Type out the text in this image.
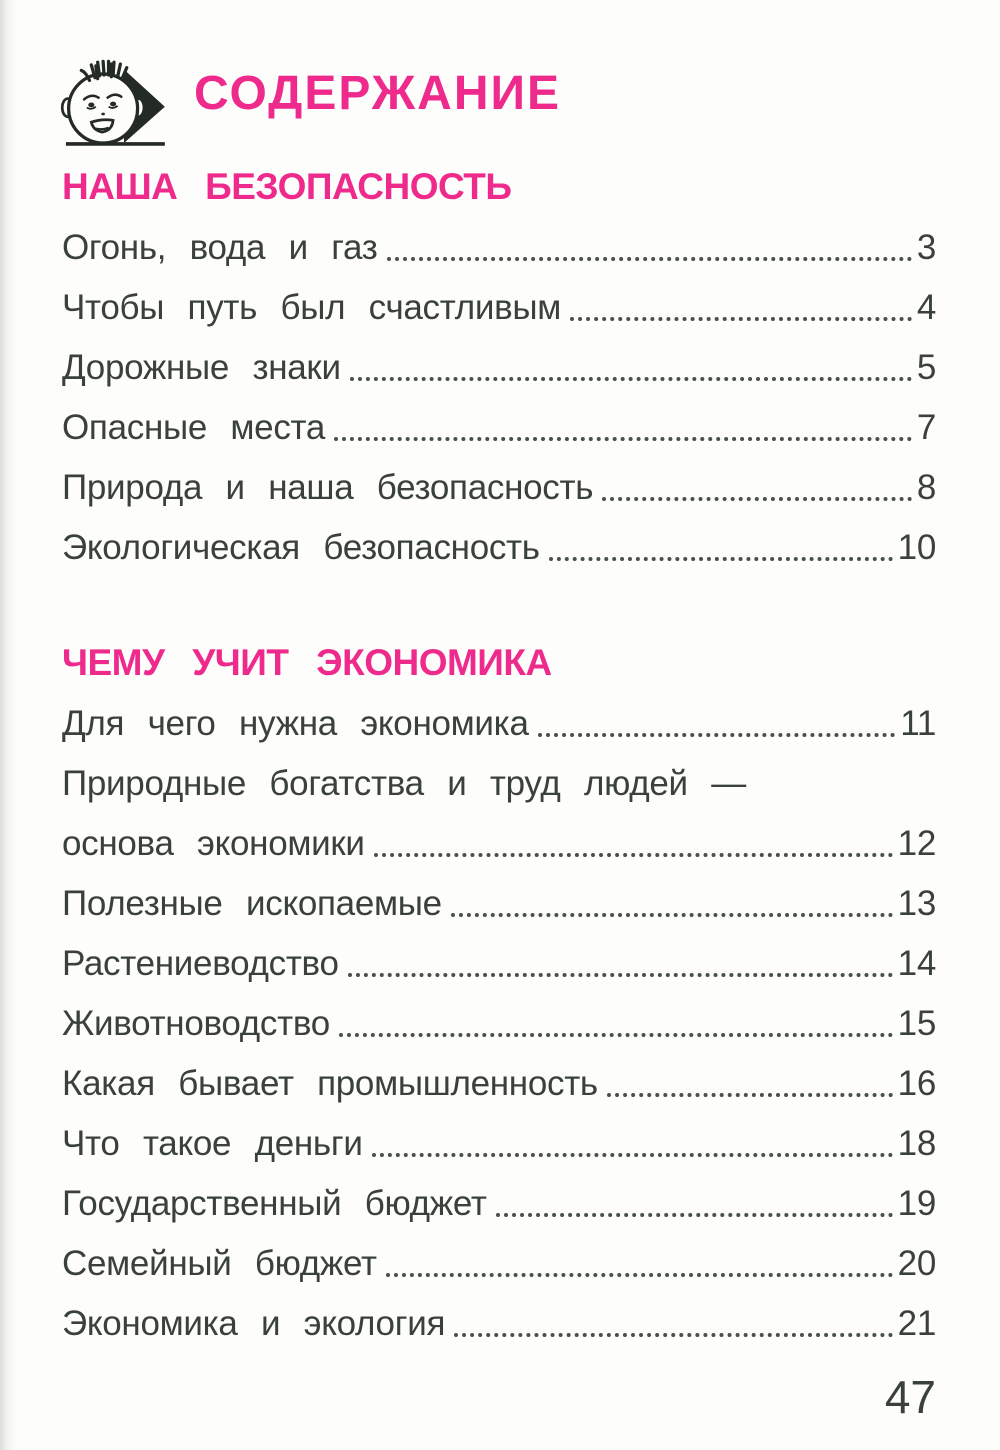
СОДЕРЖАНИЕ
НАША БЕЗОПАСНОСТЬ
Огонь, вода и газ	3
Чтобы путь был счастливым	4
Дорожные знаки	5
Опасные места	7
Природа и наша безопасность	8
Экологическая безопасность	10
ЧЕМУ УЧИТ ЭКОНОМИКА
Для чего нужна экономика	11
Природные богатства и труд людей —
основа экономики	12
Полезные ископаемые	13
Растениеводство	14
Животноводство	15
Какая бывает промышленность	16
Что такое деньги	18
Государственный бюджет	19
Семейный бюджет	20
Экономика и экология	21
47
